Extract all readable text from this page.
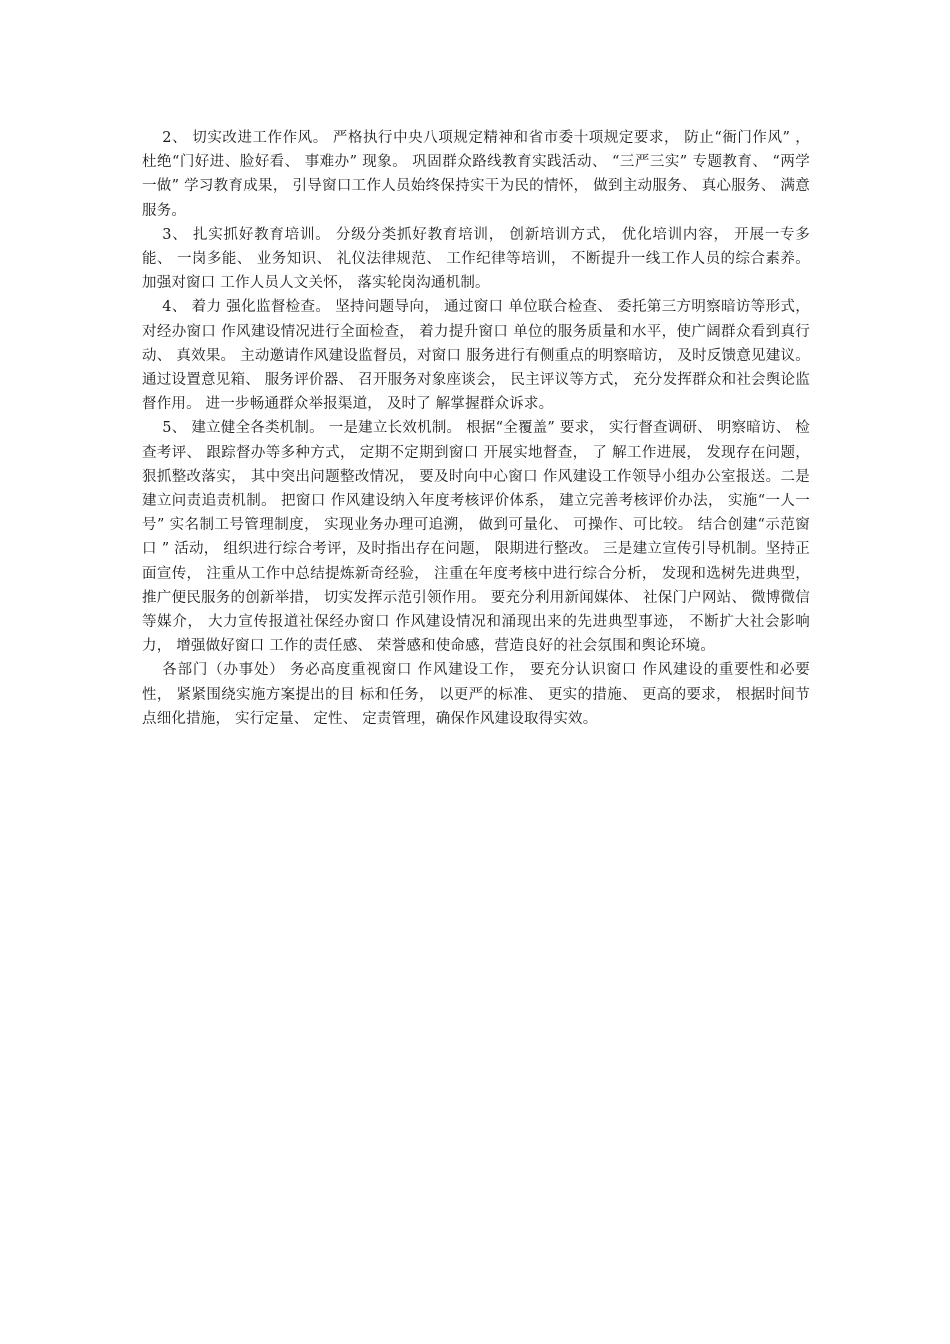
2、 切实改进工作作风。 严格执行中央八项规定精神和省市委十项规定要求， 防止“衙门作风” ， 杜绝“门好进、脸好看、 事难办” 现象。 巩固群众路线教育实践活动、 “三严三实” 专题教育、 “两学一做” 学习教育成果， 引导窗口工作人员始终保持实干为民的情怀， 做到主动服务、 真心服务、 满意服务。

3、 扎实抓好教育培训。 分级分类抓好教育培训， 创新培训方式， 优化培训内容， 开展一专多能、 一岗多能、 业务知识、 礼仪法律规范、 工作纪律等培训， 不断提升一线工作人员的综合素养。 加强对窗口 工作人员人文关怀， 落实轮岗沟通机制。

4、 着力 强化监督检查。 坚持问题导向， 通过窗口 单位联合检查、 委托第三方明察暗访等形式， 对经办窗口 作风建设情况进行全面检查， 着力提升窗口 单位的服务质量和水平，使广阔群众看到真行动、 真效果。 主动邀请作风建设监督员，对窗口 服务进行有侧重点的明察暗访， 及时反馈意见建议。通过设置意见箱、 服务评价器、 召开服务对象座谈会， 民主评议等方式， 充分发挥群众和社会舆论监督作用。 进一步畅通群众举报渠道， 及时了 解掌握群众诉求。

5、 建立健全各类机制。 一是建立长效机制。 根据“全覆盖” 要求， 实行督查调研、 明察暗访、 检查考评、 跟踪督办等多种方式， 定期不定期到窗口 开展实地督查， 了 解工作进展， 发现存在问题， 狠抓整改落实， 其中突出问题整改情况， 要及时向中心窗口 作风建设工作领导小组办公室报送。二是建立问责追责机制。 把窗口 作风建设纳入年度考核评价体系， 建立完善考核评价办法， 实施“一人一号” 实名制工号管理制度， 实现业务办理可追溯， 做到可量化、 可操作、可比较。 结合创建“示范窗口 ” 活动， 组织进行综合考评，及时指出存在问题， 限期进行整改。 三是建立宣传引导机制。坚持正面宣传， 注重从工作中总结提炼新奇经验， 注重在年度考核中进行综合分析， 发现和选树先进典型， 推广便民服务的创新举措， 切实发挥示范引领作用。 要充分利用新闻媒体、 社保门户网站、 微博微信等媒介， 大力宣传报道社保经办窗口 作风建设情况和涌现出来的先进典型事迹， 不断扩大社会影响力， 增强做好窗口 工作的责任感、 荣誉感和使命感，营造良好的社会氛围和舆论环境。

各部门（办事处） 务必高度重视窗口 作风建设工作， 要充分认识窗口 作风建设的重要性和必要性， 紧紧围绕实施方案提出的目 标和任务， 以更严的标准、 更实的措施、 更高的要求， 根据时间节点细化措施， 实行定量、 定性、 定责管理，确保作风建设取得实效。
